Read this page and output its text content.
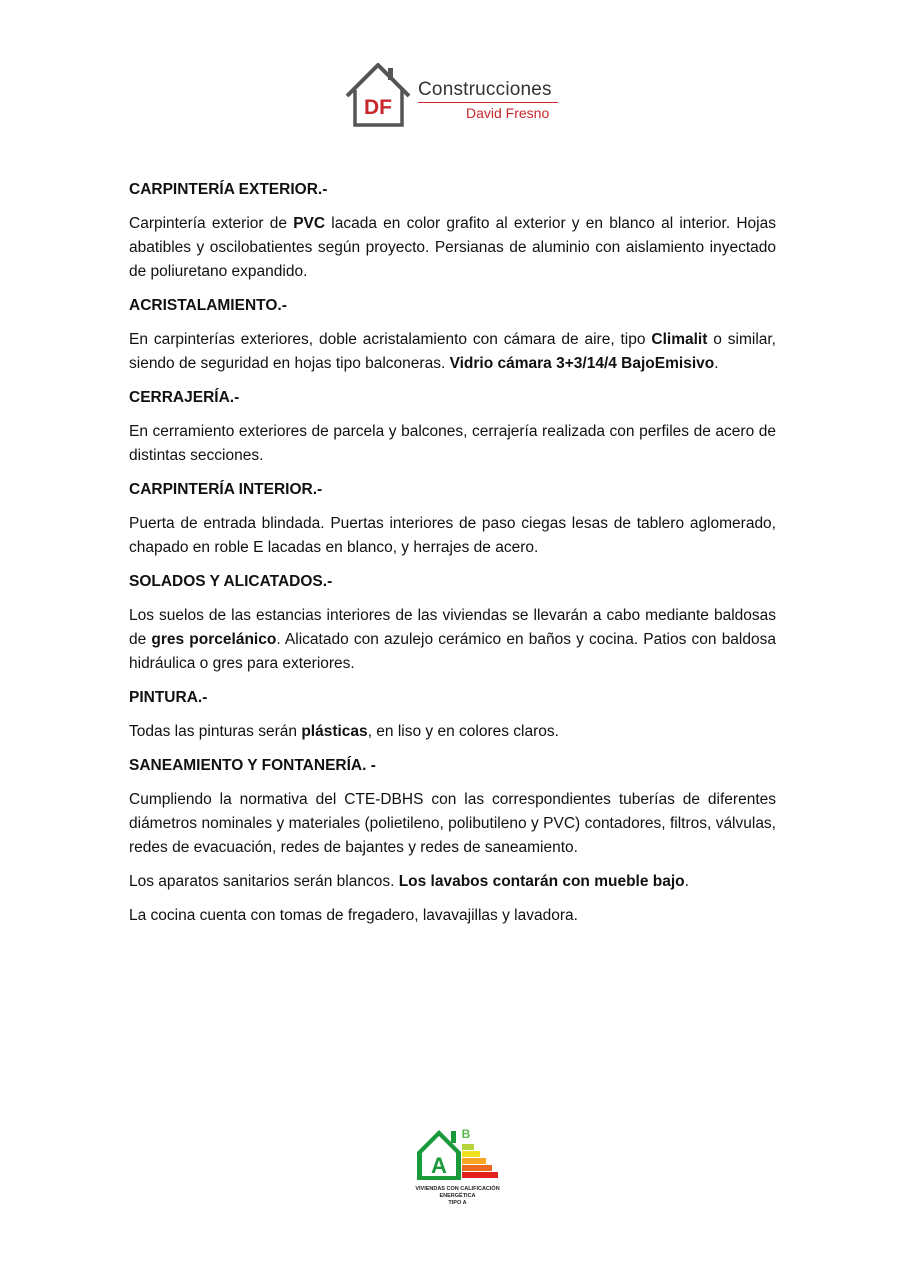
DF
Construcciones
David Fresno
CARPINTERÍA EXTERIOR.-

Carpintería exterior de PVC lacada en color grafito al exterior y en blanco al interior. Hojas abatibles y oscilobatientes según proyecto. Persianas de aluminio con aislamiento inyectado de poliuretano expandido.

ACRISTALAMIENTO.-

En carpinterías exteriores, doble acristalamiento con cámara de aire, tipo Climalit o similar, siendo de seguridad en hojas tipo balconeras. Vidrio cámara 3+3/14/4 BajoEmisivo.

CERRAJERÍA.-

En cerramiento exteriores de parcela y balcones, cerrajería realizada con perfiles de acero de distintas secciones.

CARPINTERÍA INTERIOR.-

Puerta de entrada blindada. Puertas interiores de paso ciegas lesas de tablero aglomerado, chapado en roble E lacadas en blanco, y herrajes de acero.

SOLADOS Y ALICATADOS.-

Los suelos de las estancias interiores de las viviendas se llevarán a cabo mediante baldosas de gres porcelánico. Alicatado con azulejo cerámico en baños y cocina. Patios con baldosa hidráulica o gres para exteriores.

PINTURA.-

Todas las pinturas serán plásticas, en liso y en colores claros.

SANEAMIENTO Y FONTANERÍA. -

Cumpliendo la normativa del CTE-DBHS con las correspondientes tuberías de diferentes diámetros nominales y materiales (polietileno, polibutileno y PVC) contadores, filtros, válvulas, redes de evacuación, redes de bajantes y redes de saneamiento.

Los aparatos sanitarios serán blancos. Los lavabos contarán con mueble bajo.

La cocina cuenta con tomas de fregadero, lavavajillas y lavadora.

A
B
VIVIENDAS CON CALIFICACIÓN
ENERGÉTICA
TIPO A
